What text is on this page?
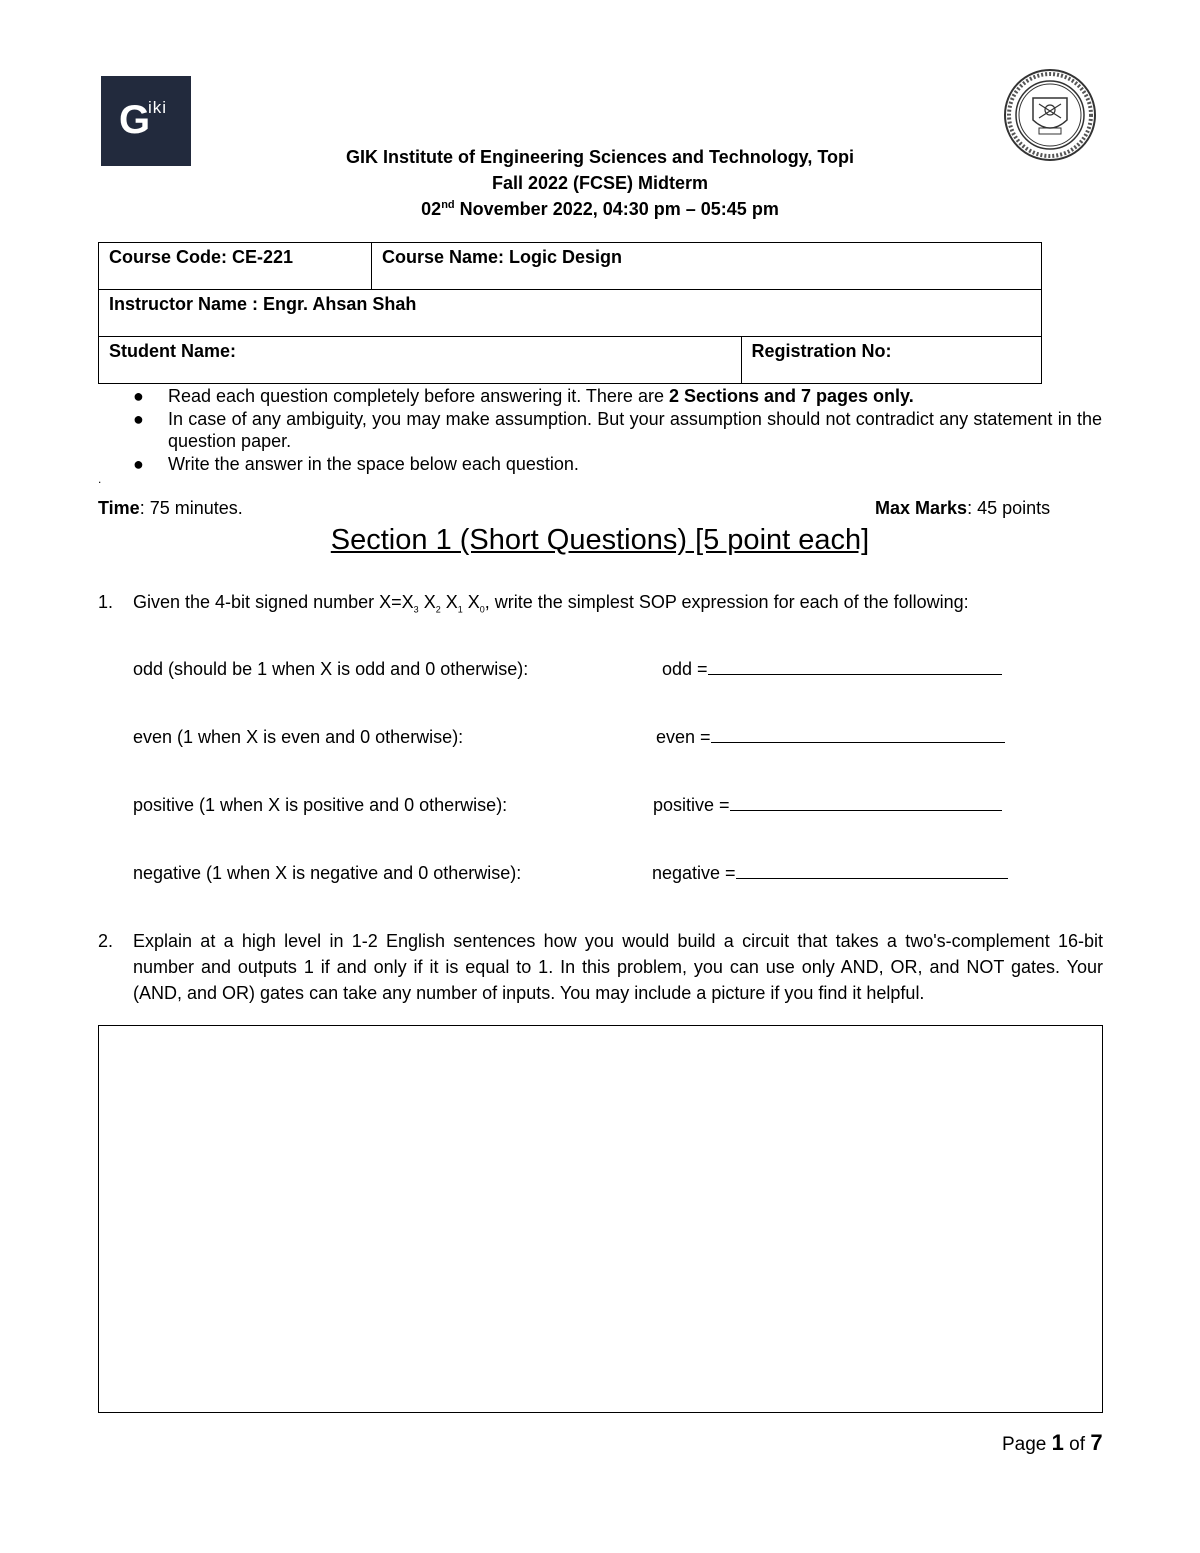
G
iki
GIK Institute of Engineering Sciences and Technology, Topi
Fall 2022 (FCSE) Midterm
02nd November 2022, 04:30 pm – 05:45 pm
Course Code: CE-221	Course Name: Logic Design	
Instructor Name : Engr. Ahsan Shah		
Student Name:		Registration No:
● Read each question completely before answering it. There are 2 Sections and 7 pages only.
● In case of any ambiguity, you may make assumption. But your assumption should not contradict any statement in the question paper.
● Write the answer in the space below each question.
.
Time: 75 minutes.	Max Marks: 45 points
Section 1 (Short Questions) [5 point each]
1. Given the 4-bit signed number $X=X_3$ $X_2$ $X_1$ $X_0$, write the simplest SOP expression for each of the following:
odd (should be 1 when X is odd and 0 otherwise):	odd =
even (1 when X is even and 0 otherwise):	even =
positive (1 when X is positive and 0 otherwise):	positive =
negative (1 when X is negative and 0 otherwise):	negative =
2. Explain at a high level in 1-2 English sentences how you would build a circuit that takes a two's-complement 16-bit number and outputs 1 if and only if it is equal to 1. In this problem, you can use only AND, OR, and NOT gates. Your (AND, and OR) gates can take any number of inputs. You may include a picture if you find it helpful.
Page 1 of 7
